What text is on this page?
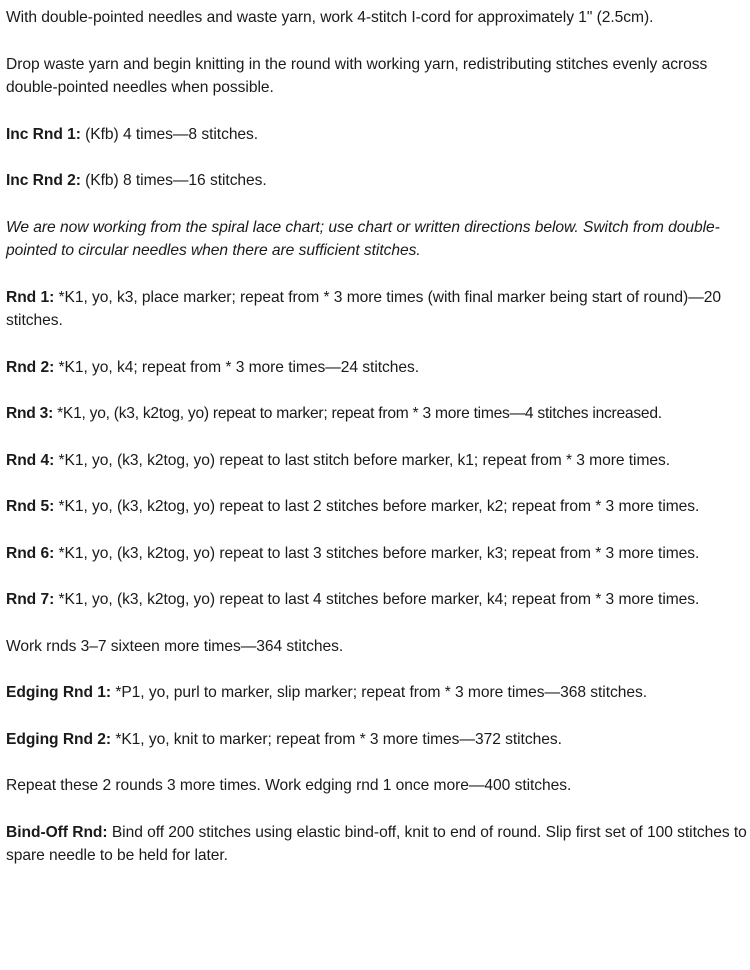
With double-pointed needles and waste yarn, work 4-stitch I-cord for approximately 1" (2.5cm).

Drop waste yarn and begin knitting in the round with working yarn, redistributing stitches evenly across double-pointed needles when possible.

Inc Rnd 1: (Kfb) 4 times—8 stitches.

Inc Rnd 2: (Kfb) 8 times—16 stitches.

We are now working from the spiral lace chart; use chart or written directions below. Switch from double-pointed to circular needles when there are sufficient stitches.

Rnd 1: *K1, yo, k3, place marker; repeat from * 3 more times (with final marker being start of round)—20 stitches.

Rnd 2: *K1, yo, k4; repeat from * 3 more times—24 stitches.

Rnd 3: *K1, yo, (k3, k2tog, yo) repeat to marker; repeat from * 3 more times—4 stitches increased.

Rnd 4: *K1, yo, (k3, k2tog, yo) repeat to last stitch before marker, k1; repeat from * 3 more times.

Rnd 5: *K1, yo, (k3, k2tog, yo) repeat to last 2 stitches before marker, k2; repeat from * 3 more times.

Rnd 6: *K1, yo, (k3, k2tog, yo) repeat to last 3 stitches before marker, k3; repeat from * 3 more times.

Rnd 7: *K1, yo, (k3, k2tog, yo) repeat to last 4 stitches before marker, k4; repeat from * 3 more times.

Work rnds 3–7 sixteen more times—364 stitches.

Edging Rnd 1: *P1, yo, purl to marker, slip marker; repeat from * 3 more times—368 stitches.

Edging Rnd 2: *K1, yo, knit to marker; repeat from * 3 more times—372 stitches.

Repeat these 2 rounds 3 more times. Work edging rnd 1 once more—400 stitches.

Bind-Off Rnd: Bind off 200 stitches using elastic bind-off, knit to end of round. Slip first set of 100 stitches to spare needle to be held for later.
